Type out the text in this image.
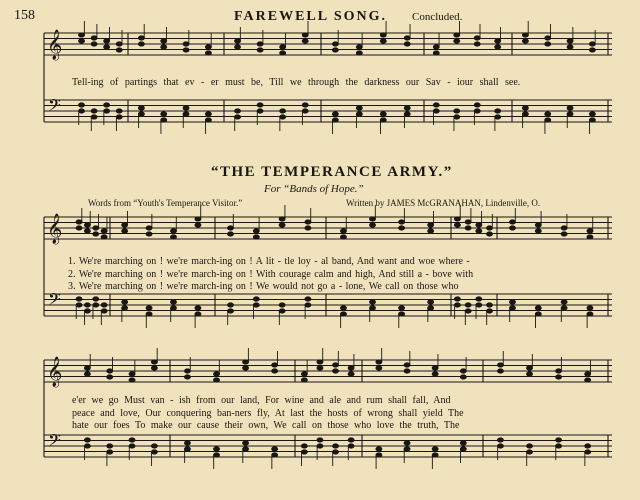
158	FAREWELL SONG. Concluded.
𝄞
𝄢
𝄞
𝄢
𝄞
𝄢
Tell-ing of partings that ev - er must be, Till we through the darkness our Sav - iour shall see.
“THE TEMPERANCE ARMY.”
For “Bands of Hope.”
Words from “Youth's Temperance Visitor.”	Written by JAMES McGRANAHAN, Lindenville, O.
1. We're marching on ! we're march-ing on ! A lit - tle loy - al band, And want and woe where -
2. We're marching on ! we're march-ing on ! With courage calm and high, And still a - bove with
3. We're marching on ! we're march-ing on ! We would not go a - lone, We call on those who
e'er we go Must van - ish from our land, For wine and ale and rum shall fall, And
peace and love, Our conquering ban-ners fly, At last the hosts of wrong shall yield The
hate our foes To make our cause their own, We call on those who love the truth, The
